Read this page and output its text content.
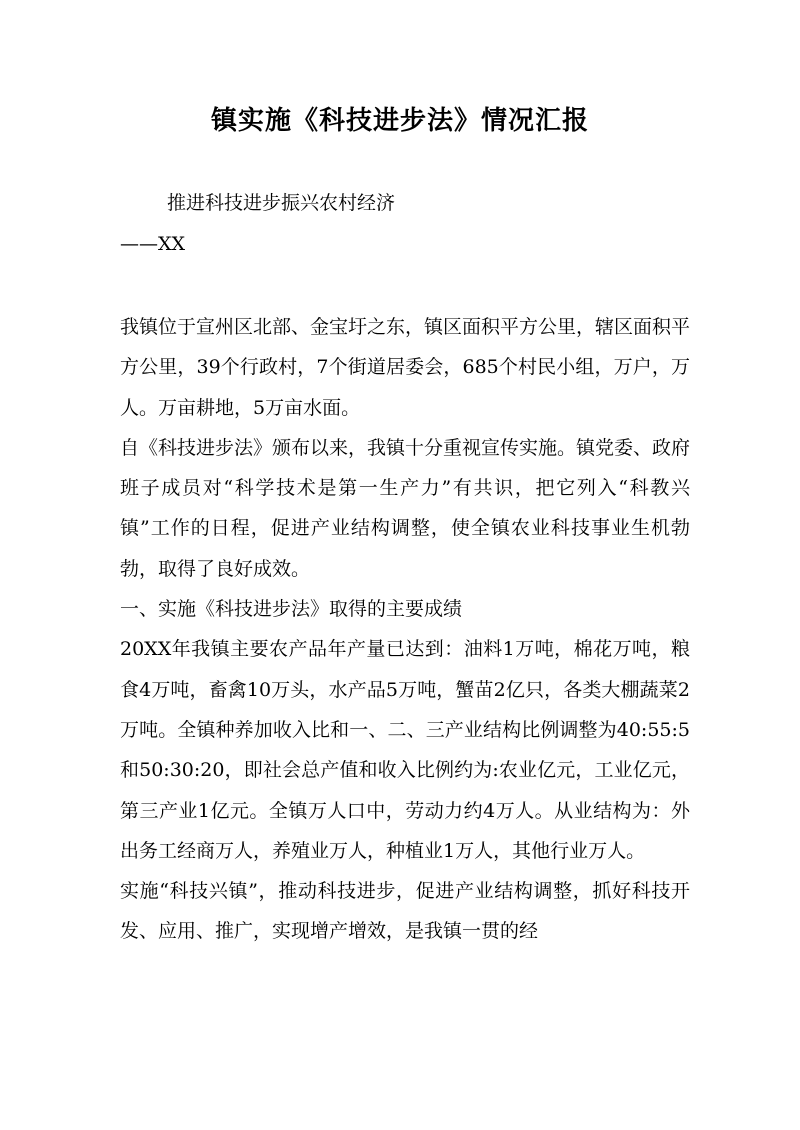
镇实施《科技进步法》情况汇报
推进科技进步振兴农村经济
——XX

我镇位于宣州区北部、金宝圩之东，镇区面积平方公里，辖区面积平方公里，39个行政村，7个街道居委会，685个村民小组，万户，万人。万亩耕地，5万亩水面。

自《科技进步法》颁布以来，我镇十分重视宣传实施。镇党委、政府班子成员对“科学技术是第一生产力”有共识，把它列入“科教兴镇”工作的日程，促进产业结构调整，使全镇农业科技事业生机勃勃，取得了良好成效。

一、实施《科技进步法》取得的主要成绩

20XX年我镇主要农产品年产量已达到：油料1万吨，棉花万吨，粮食4万吨，畜禽10万头，水产品5万吨，蟹苗2亿只，各类大棚蔬菜2万吨。全镇种养加收入比和一、二、三产业结构比例调整为40:55:5和50:30:20，即社会总产值和收入比例约为:农业亿元，工业亿元，第三产业1亿元。全镇万人口中，劳动力约4万人。从业结构为：外出务工经商万人，养殖业万人，种植业1万人，其他行业万人。

实施“科技兴镇”，推动科技进步，促进产业结构调整，抓好科技开发、应用、推广，实现增产增效，是我镇一贯的经
